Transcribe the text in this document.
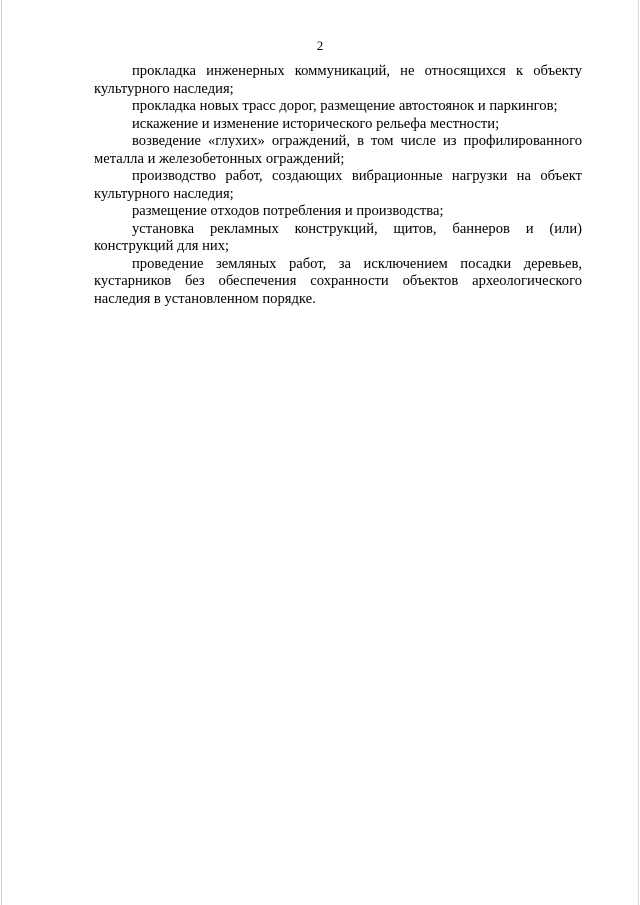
2

прокладка инженерных коммуникаций, не относящихся к объекту культурного наследия;

прокладка новых трасс дорог, размещение автостоянок и паркингов;

искажение и изменение исторического рельефа местности;

возведение «глухих» ограждений, в том числе из профилированного металла и железобетонных ограждений;

производство работ, создающих вибрационные нагрузки на объект культурного наследия;

размещение отходов потребления и производства;

установка рекламных конструкций, щитов, баннеров и (или) конструкций для них;

проведение земляных работ, за исключением посадки деревьев, кустарников без обеспечения сохранности объектов археологического наследия в установленном порядке.
